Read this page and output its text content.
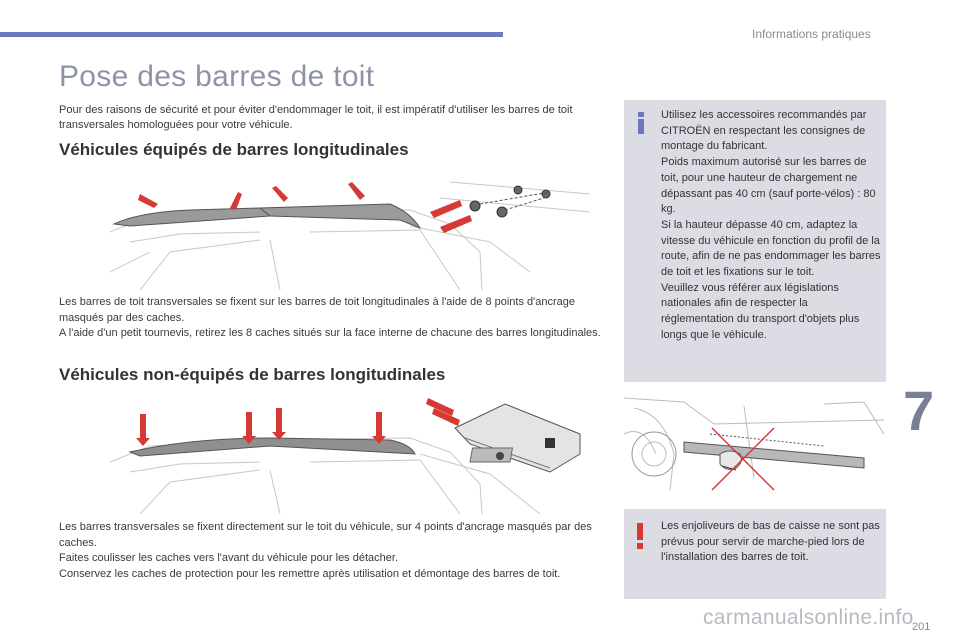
Informations pratiques
Pose des barres de toit
Pour des raisons de sécurité et pour éviter d'endommager le toit, il est impératif d'utiliser les barres de toit transversales homologuées pour votre véhicule.
Véhicules équipés de barres longitudinales

Les barres de toit transversales se fixent sur les barres de toit longitudinales à l'aide de 8 points d'ancrage masqués par des caches.

A l'aide d'un petit tournevis, retirez les 8 caches situés sur la face interne de chacune des barres longitudinales.

Véhicules non-équipés de barres longitudinales

Les barres transversales se fixent directement sur le toit du véhicule, sur 4 points d'ancrage masqués par des caches.

Faites coulisser les caches vers l'avant du véhicule pour les détacher.

Conservez les caches de protection pour les remettre après utilisation et démontage des barres de toit.

Utilisez les accessoires recommandés par CITROËN en respectant les consignes de montage du fabricant.

Poids maximum autorisé sur les barres de toit, pour une hauteur de chargement ne dépassant pas 40 cm (sauf porte-vélos) : 80 kg.

Si la hauteur dépasse 40 cm, adaptez la vitesse du véhicule en fonction du profil de la route, afin de ne pas endommager les barres de toit et les fixations sur le toit.

Veuillez vous référer aux législations nationales afin de respecter la réglementation du transport d'objets plus longs que le véhicule.

Les enjoliveurs de bas de caisse ne sont pas prévus pour servir de marche-pied lors de l'installation des barres de toit.
7
carmanualsonline.info
201
